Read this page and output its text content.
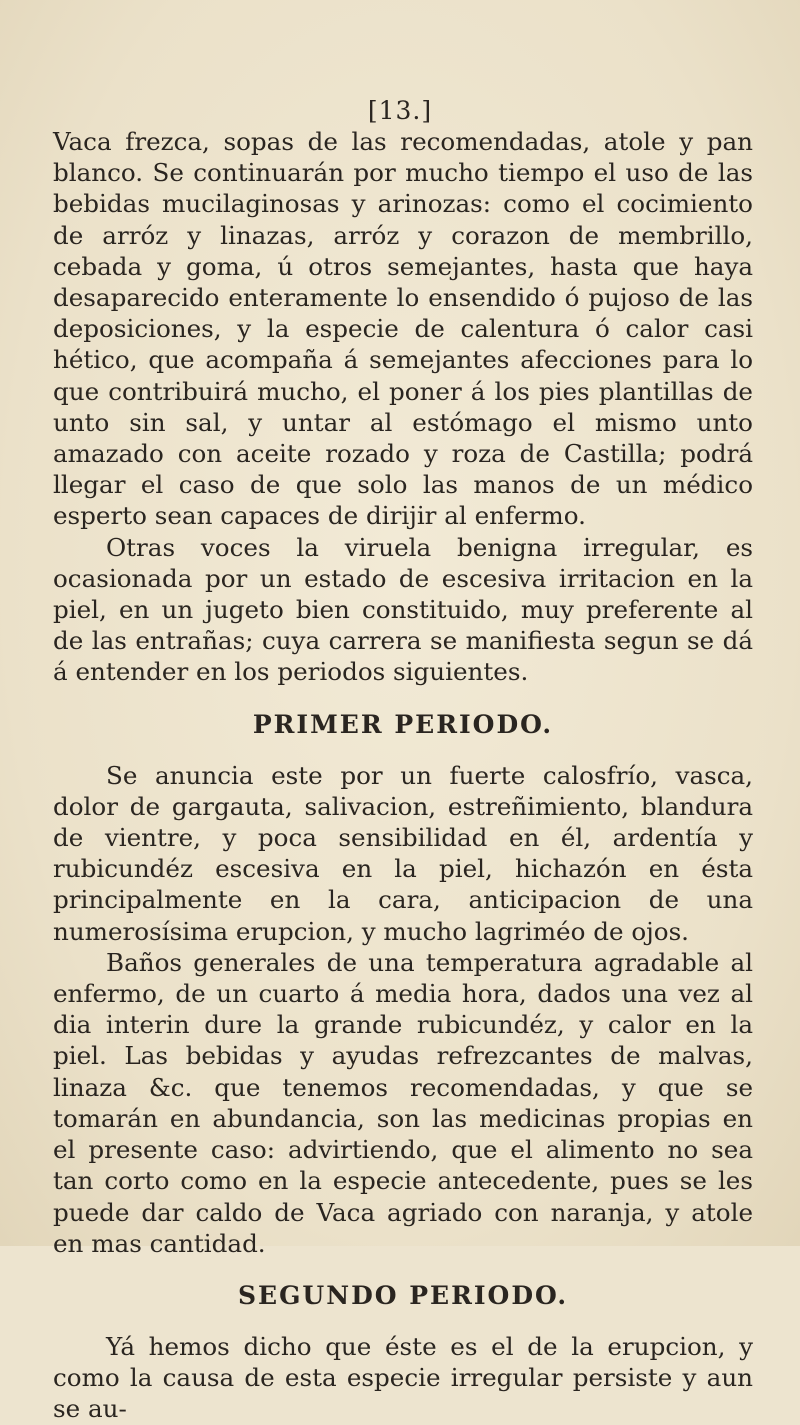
[13.]

Vaca frezca, sopas de las recomendadas, atole y pan blanco. Se continuarán por mucho tiempo el uso de las bebidas mucilaginosas y arinozas: como el cocimiento de arróz y linazas, arróz y corazon de membrillo, cebada y goma, ú otros semejantes, hasta que haya desaparecido enteramente lo ensendido ó pujoso de las deposiciones, y la especie de calentura ó calor casi hético, que acompaña á semejantes afecciones para lo que contribuirá mucho, el poner á los pies plantillas de unto sin sal, y untar al estómago el mismo unto amazado con aceite rozado y roza de Castilla; podrá llegar el caso de que solo las manos de un médico esperto sean capaces de dirijir al enfermo.

Otras voces la viruela benigna irregular, es ocasionada por un estado de escesiva irritacion en la piel, en un jugeto bien constituido, muy preferente al de las entrañas; cuya carrera se manifiesta segun se dá á entender en los periodos siguientes.

PRIMER PERIODO.

Se anuncia este por un fuerte calosfrío, vasca, dolor de gargauta, salivacion, estreñimiento, blandura de vientre, y poca sensibilidad en él, ardentía y rubicundéz escesiva en la piel, hichazón en ésta principalmente en la cara, anticipacion de una numerosísima erupcion, y mucho lagriméo de ojos.

Baños generales de una temperatura agradable al enfermo, de un cuarto á media hora, dados una vez al dia interin dure la grande rubicundéz, y calor en la piel. Las bebidas y ayudas refrezcantes de malvas, linaza &c. que tenemos recomendadas, y que se tomarán en abundancia, son las medicinas propias en el presente caso: advirtiendo, que el alimento no sea tan corto como en la especie antecedente, pues se les puede dar caldo de Vaca agriado con naranja, y atole en mas cantidad.

SEGUNDO PERIODO.

Yá hemos dicho que éste es el de la erupcion, y como la causa de esta especie irregular persiste y aun se au-
